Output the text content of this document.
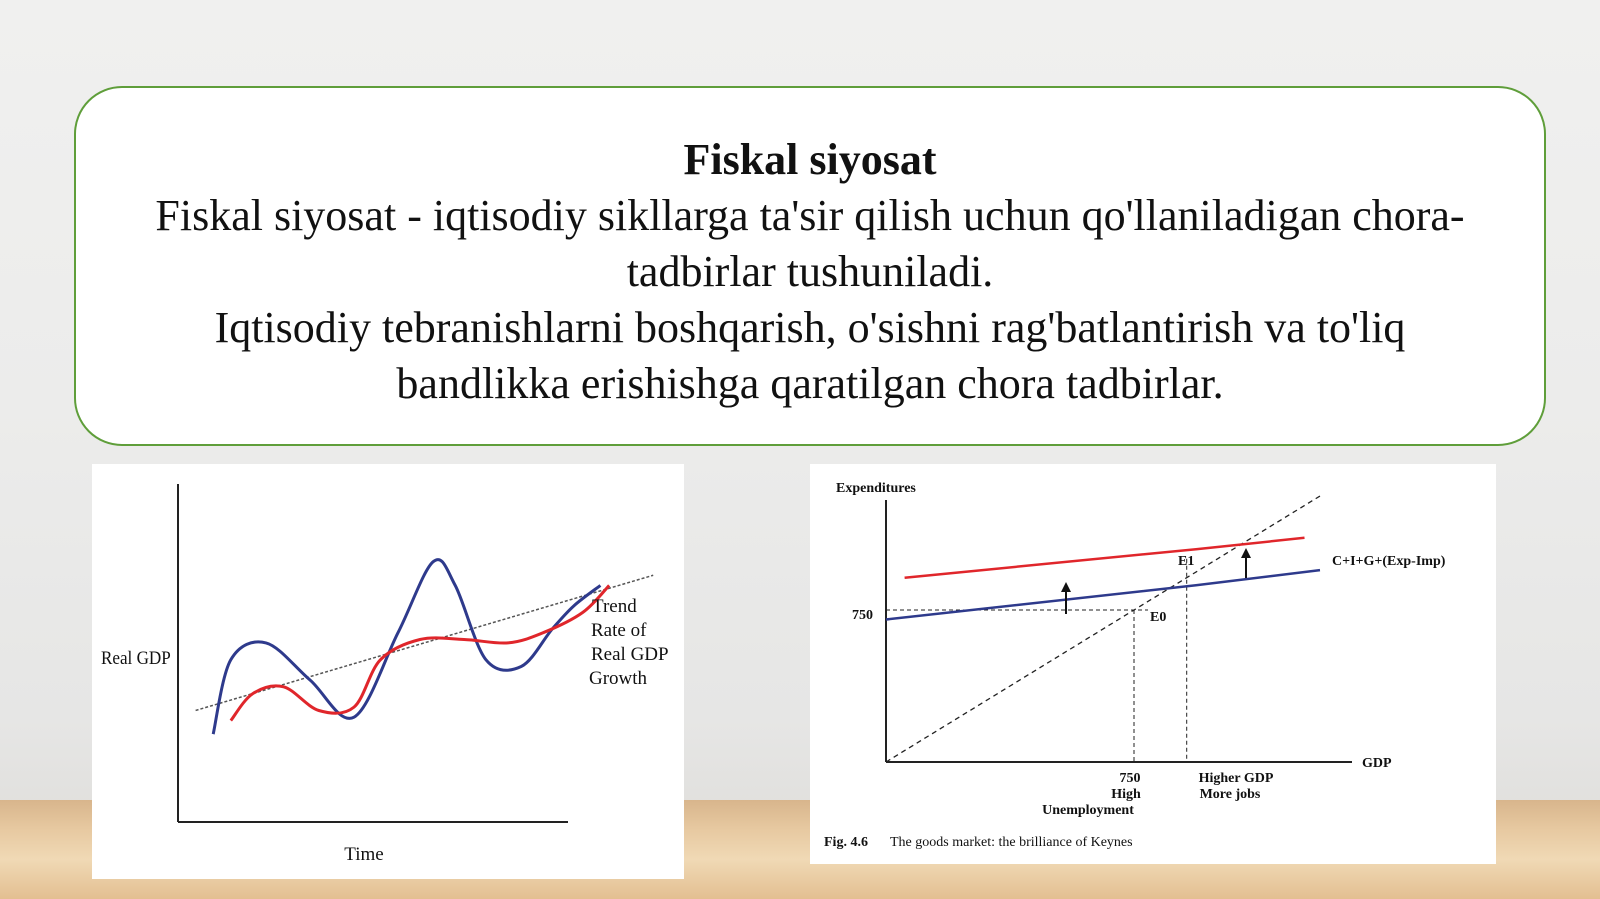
Fiskal siyosat

Fiskal siyosat - iqtisodiy sikllarga ta'sir qilish uchun qo'llaniladigan chora-tadbirlar tushuniladi.

Iqtisodiy tebranishlarni boshqarish, o'sishni rag'batlantirish va to'liq bandlikka erishishga qaratilgan chora tadbirlar.

Real GDP
Time
Trend
Rate of
Real GDP
Growth
Expenditures
750
GDP
E1
E0
C+I+G+(Exp-Imp)
750
High
Unemployment
Higher GDP
More jobs
Fig. 4.6 The goods market: the brilliance of Keynes
